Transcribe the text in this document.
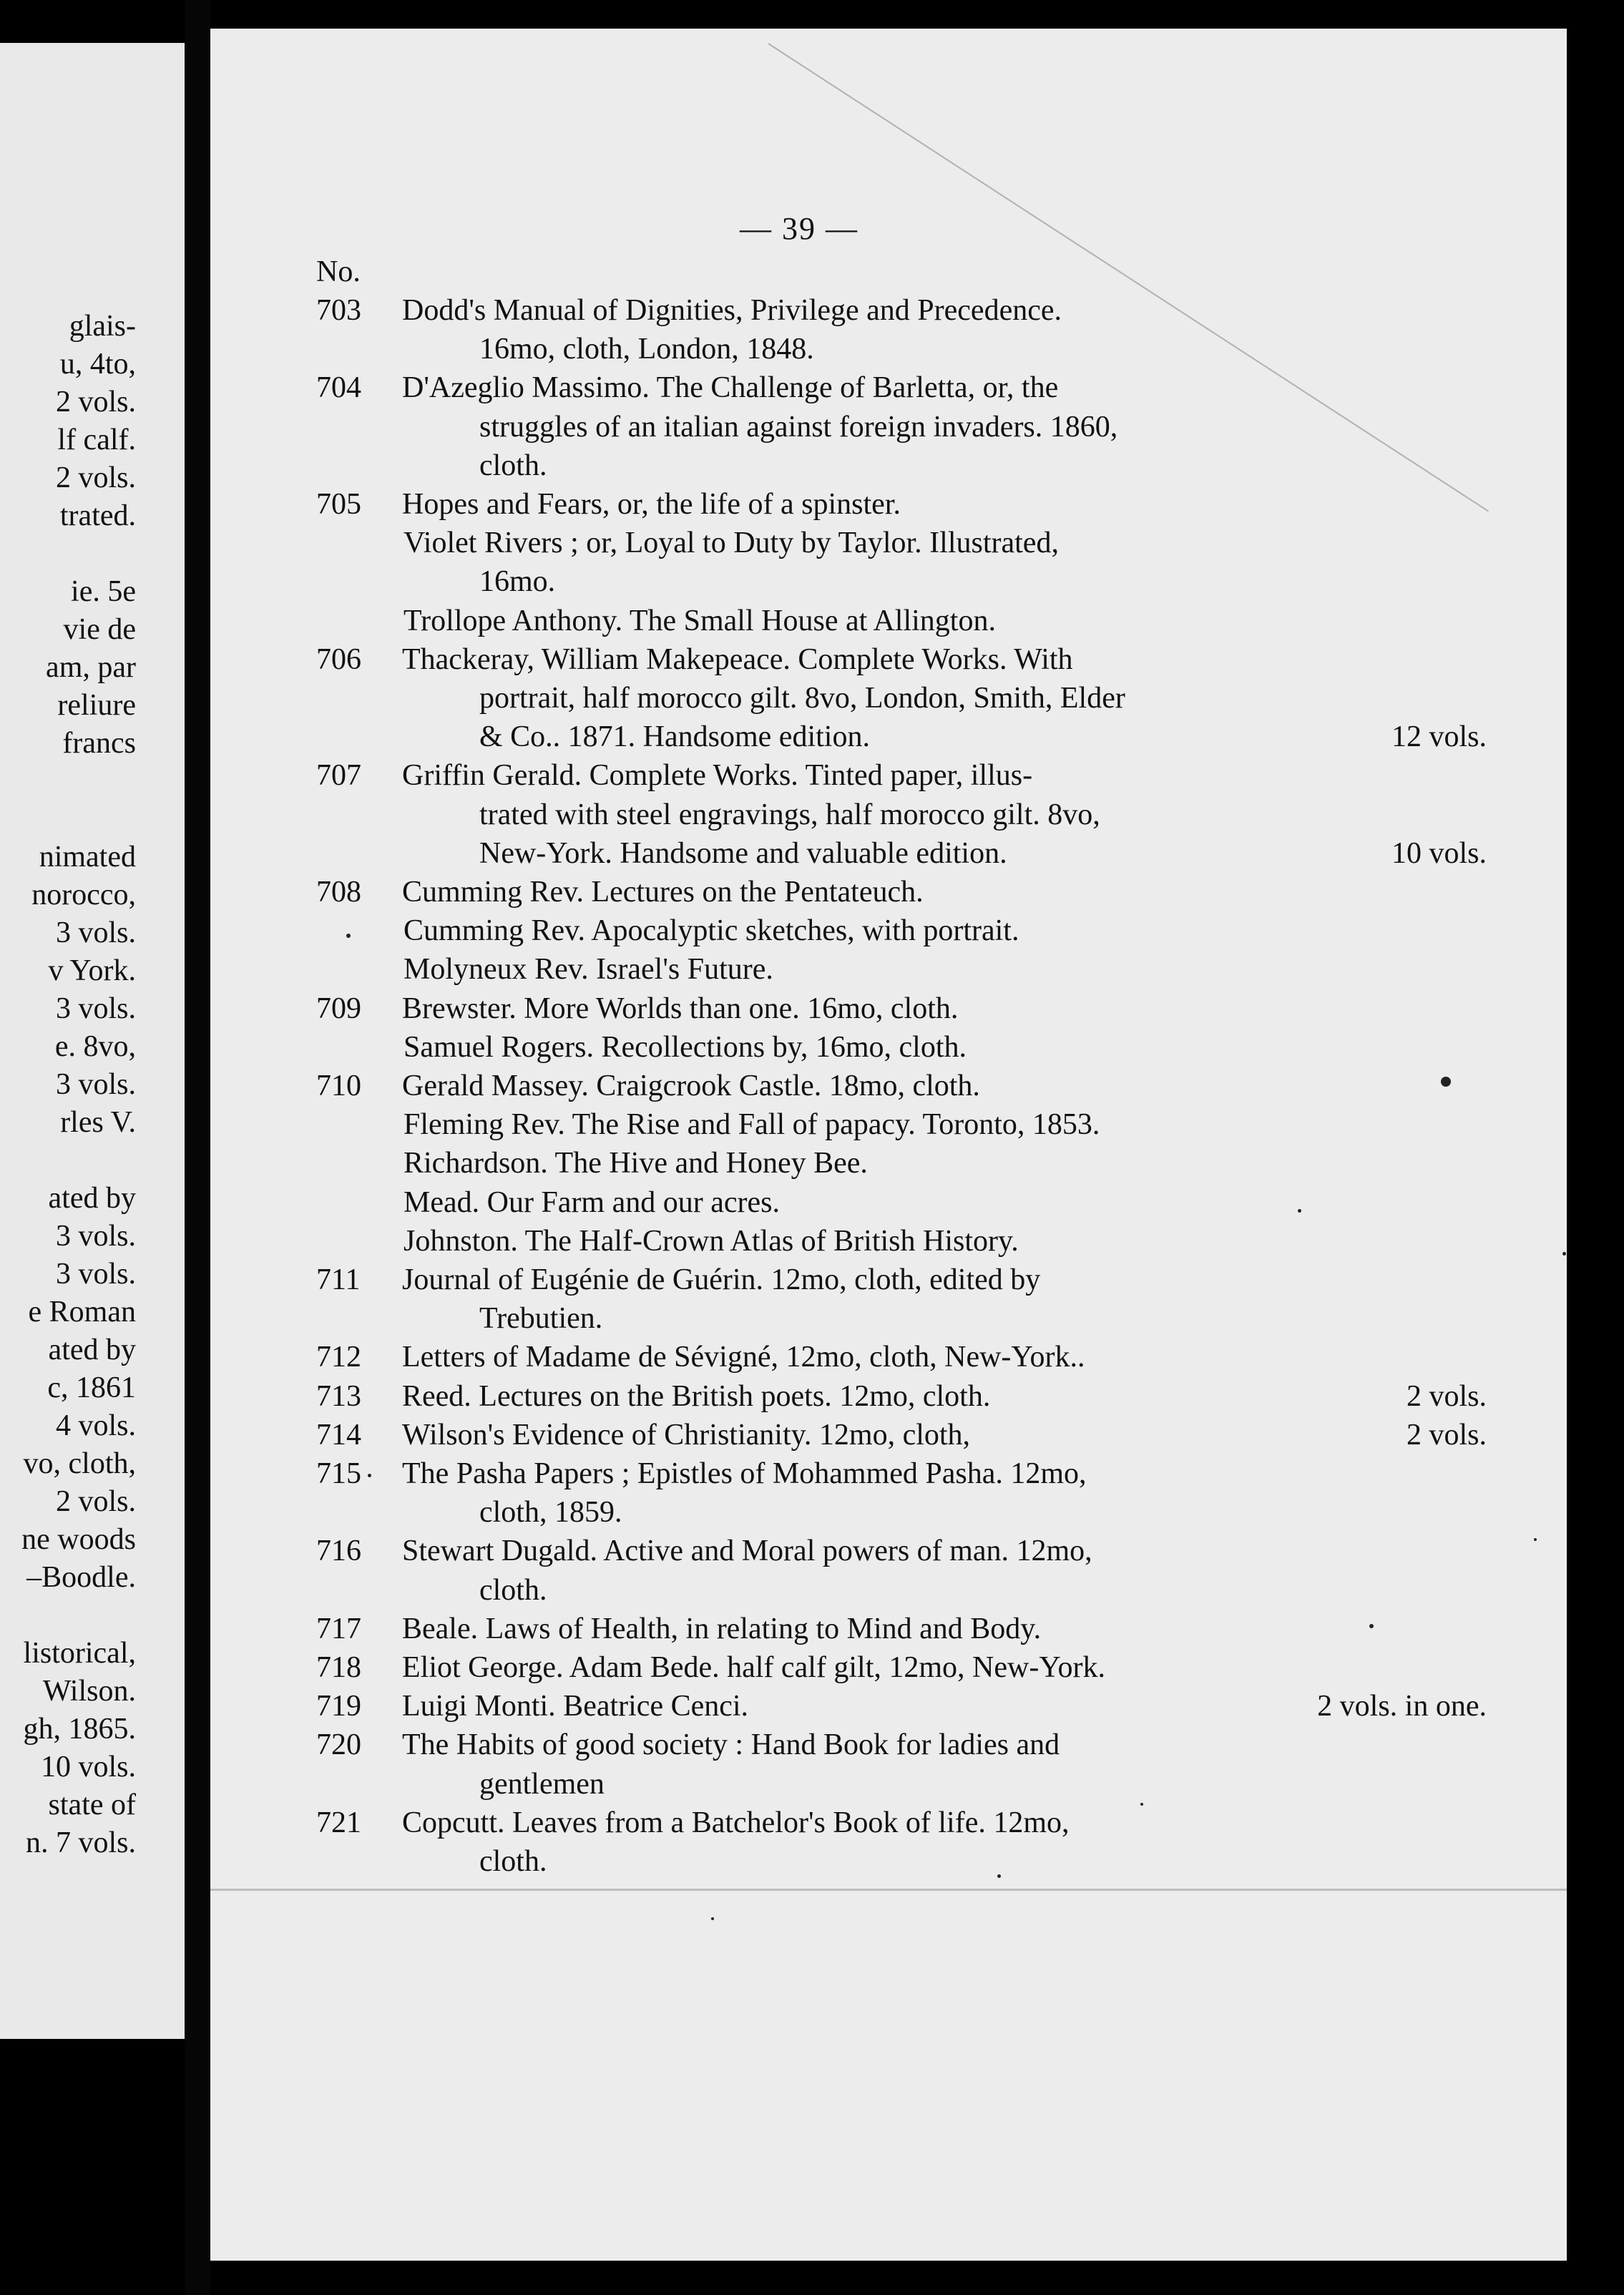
glais-
u, 4to,
2 vols.
lf calf.
2 vols.
trated.
ie. 5e
vie de
am, par
reliure
francs
nimated
norocco,
3 vols.
v York.
3 vols.
e. 8vo,
3 vols.
rles V.
ated by
3 vols.
3 vols.
e Roman
ated by
c, 1861
4 vols.
vo, cloth,
2 vols.
ne woods
–Boodle.
listorical,
Wilson.
gh, 1865.
10 vols.
state of
n. 7 vols.
— 39 —
No.
703 Dodd's Manual of Dignities, Privilege and Precedence.
16mo, cloth, London, 1848.
704 D'Azeglio Massimo. The Challenge of Barletta, or, the
struggles of an italian against foreign invaders. 1860,
cloth.
705 Hopes and Fears, or, the life of a spinster.
Violet Rivers ; or, Loyal to Duty by Taylor. Illustrated,
16mo.
Trollope Anthony. The Small House at Allington.
706 Thackeray, William Makepeace. Complete Works. With
portrait, half morocco gilt. 8vo, London, Smith, Elder
& Co.. 1871. Handsome edition.	12 vols.
707 Griffin Gerald. Complete Works. Tinted paper, illus-
trated with steel engravings, half morocco gilt. 8vo,
New-York. Handsome and valuable edition.	10 vols.
708 Cumming Rev. Lectures on the Pentateuch.
Cumming Rev. Apocalyptic sketches, with portrait.
Molyneux Rev. Israel's Future.
709 Brewster. More Worlds than one. 16mo, cloth.
Samuel Rogers. Recollections by, 16mo, cloth.
710 Gerald Massey. Craigcrook Castle. 18mo, cloth.
Fleming Rev. The Rise and Fall of papacy. Toronto, 1853.
Richardson. The Hive and Honey Bee.
Mead. Our Farm and our acres.
Johnston. The Half-Crown Atlas of British History.
711 Journal of Eugénie de Guérin. 12mo, cloth, edited by
Trebutien.
712 Letters of Madame de Sévigné, 12mo, cloth, New-York..
713 Reed. Lectures on the British poets. 12mo, cloth.	2 vols.
714 Wilson's Evidence of Christianity. 12mo, cloth,	2 vols.
715 The Pasha Papers ; Epistles of Mohammed Pasha. 12mo,
cloth, 1859.
716 Stewart Dugald. Active and Moral powers of man. 12mo,
cloth.
717 Beale. Laws of Health, in relating to Mind and Body.
718 Eliot George. Adam Bede. half calf gilt, 12mo, New-York.
719 Luigi Monti. Beatrice Cenci.	2 vols. in one.
720 The Habits of good society : Hand Book for ladies and
gentlemen
721 Copcutt. Leaves from a Batchelor's Book of life. 12mo,
cloth.
